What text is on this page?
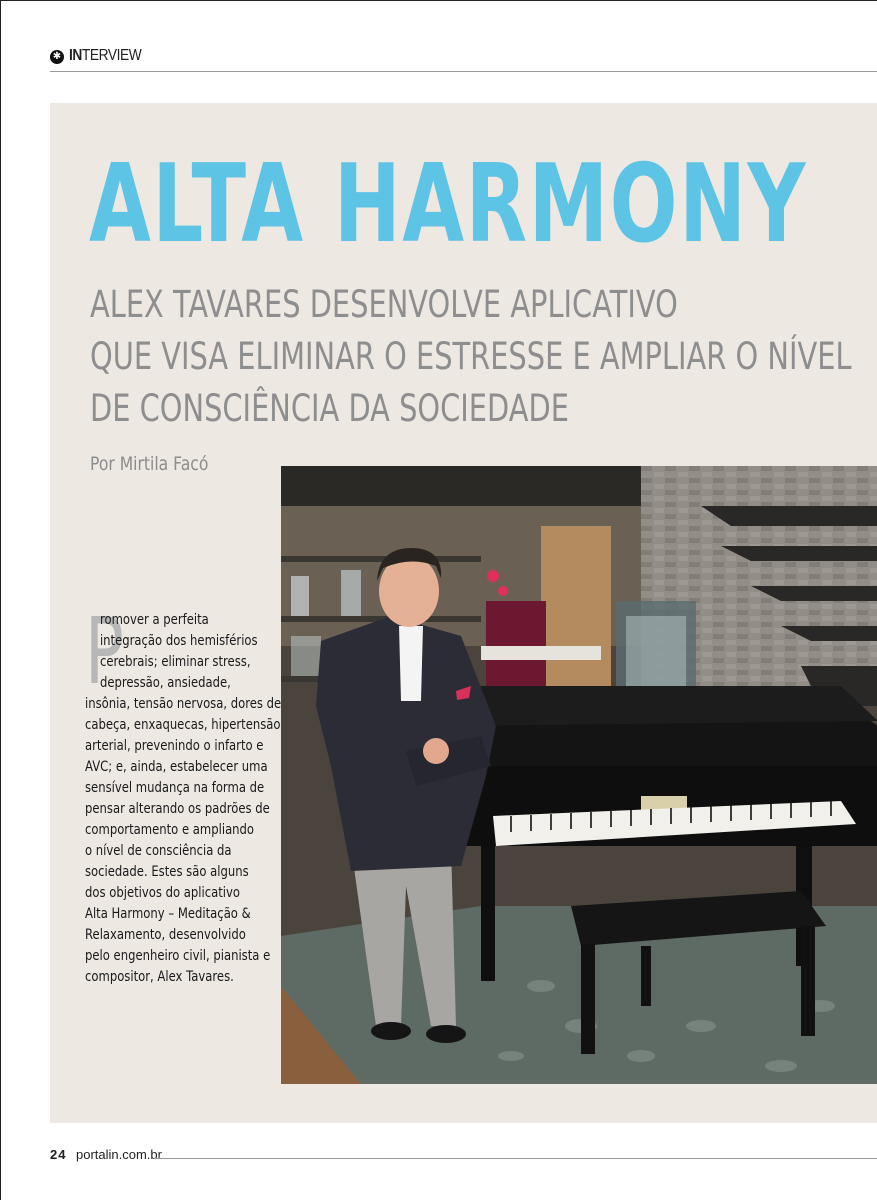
✱ INTERVIEW
ALTA HARMONY
ALEX TAVARES DESENVOLVE APLICATIVO
QUE VISA ELIMINAR O ESTRESSE E AMPLIAR O NÍVEL
DE CONSCIÊNCIA DA SOCIEDADE
Por Mirtila Facó
P
romover a perfeita
integração dos hemisférios
cerebrais; eliminar stress,
depressão, ansiedade,
insônia, tensão nervosa, dores de
cabeça, enxaquecas, hipertensão
arterial, prevenindo o infarto e
AVC; e, ainda, estabelecer uma
sensível mudança na forma de
pensar alterando os padrões de
comportamento e ampliando
o nível de consciência da
sociedade. Estes são alguns
dos objetivos do aplicativo
Alta Harmony – Meditação &
Relaxamento, desenvolvido
pelo engenheiro civil, pianista e
compositor, Alex Tavares.
24 portalin.com.br
